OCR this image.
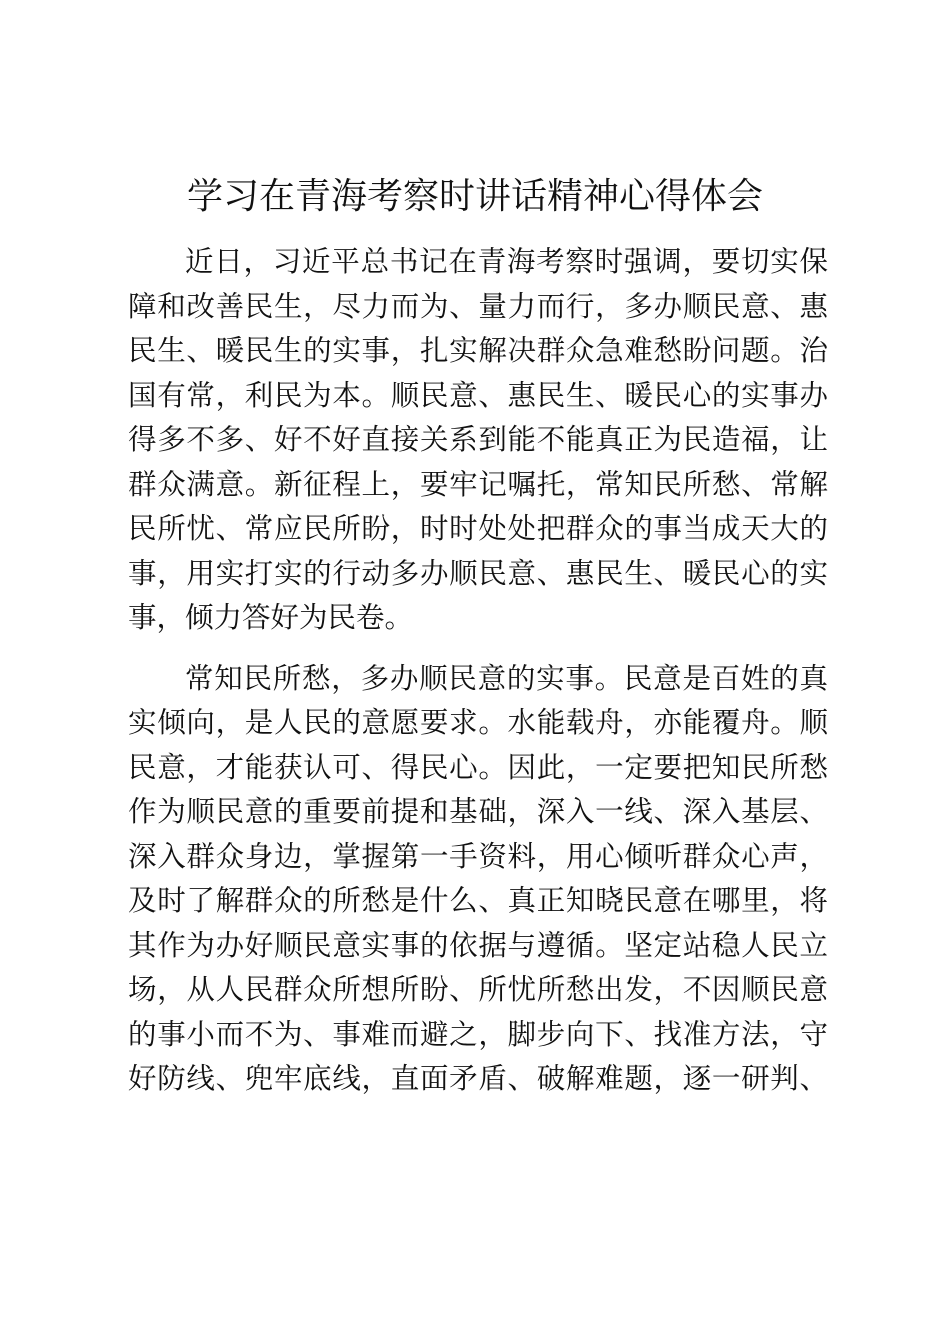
学习在青海考察时讲话精神心得体会

近日，习近平总书记在青海考察时强调，要切实保
障和改善民生，尽力而为、量力而行，多办顺民意、惠
民生、暖民生的实事，扎实解决群众急难愁盼问题。治
国有常，利民为本。顺民意、惠民生、暖民心的实事办
得多不多、好不好直接关系到能不能真正为民造福，让
群众满意。新征程上，要牢记嘱托，常知民所愁、常解
民所忧、常应民所盼，时时处处把群众的事当成天大的
事，用实打实的行动多办顺民意、惠民生、暖民心的实
事，倾力答好为民卷。

常知民所愁，多办顺民意的实事。民意是百姓的真
实倾向，是人民的意愿要求。水能载舟，亦能覆舟。顺
民意，才能获认可、得民心。因此，一定要把知民所愁
作为顺民意的重要前提和基础，深入一线、深入基层、
深入群众身边，掌握第一手资料，用心倾听群众心声，
及时了解群众的所愁是什么、真正知晓民意在哪里，将
其作为办好顺民意实事的依据与遵循。坚定站稳人民立
场，从人民群众所想所盼、所忧所愁出发，不因顺民意
的事小而不为、事难而避之，脚步向下、找准方法，守
好防线、兜牢底线，直面矛盾、破解难题，逐一研判、
